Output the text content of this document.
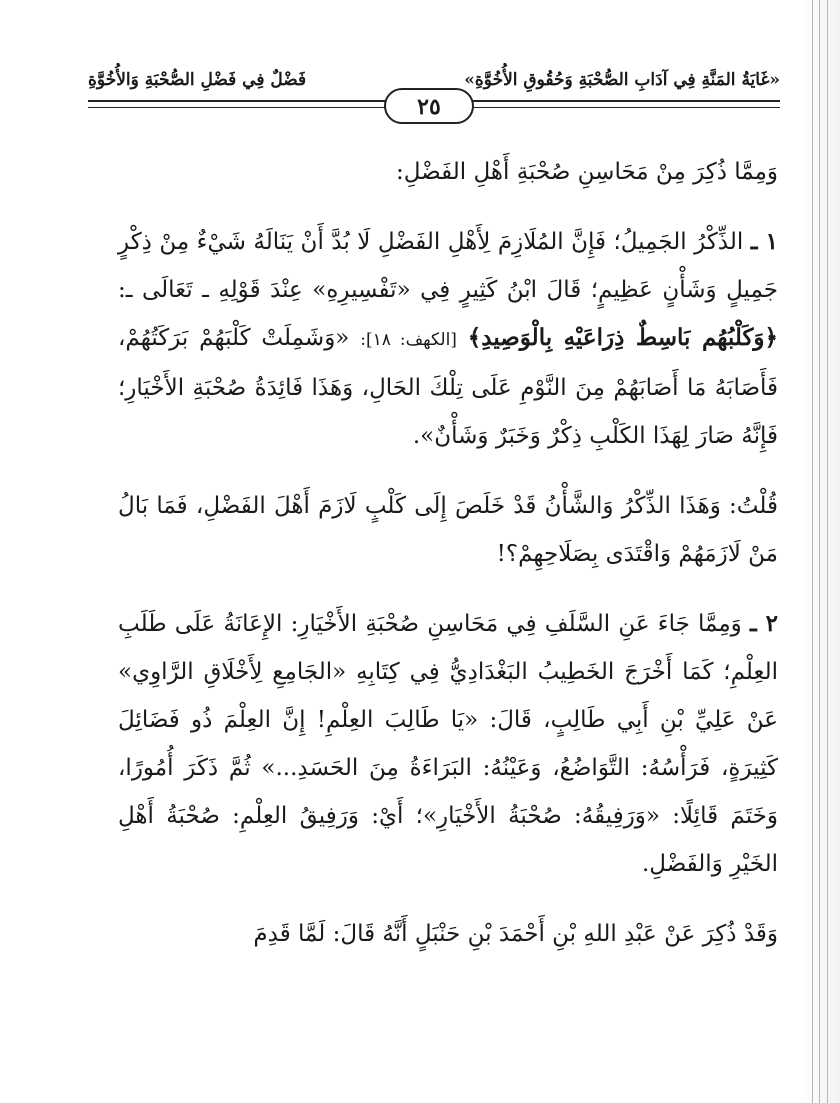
«غَايَةُ المَنَّةِ فِي آدَابِ الصُّحْبَةِ وَحُقُوقِ الأُخُوَّةِ»
فَضْلٌ فِي فَضْلِ الصُّحْبَةِ وَالأُخُوَّةِ
٢٥

وَمِمَّا ذُكِرَ مِنْ مَحَاسِنِ صُحْبَةِ أَهْلِ الفَضْلِ:

١ ـ الذِّكْرُ الجَمِيلُ؛ فَإِنَّ المُلَازِمَ لِأَهْلِ الفَضْلِ لَا بُدَّ أَنْ يَنَالَهُ شَيْءٌ مِنْ ذِكْرٍ جَمِيلٍ وَشَأْنٍ عَظِيمٍ؛ قَالَ ابْنُ كَثِيرٍ فِي «تَفْسِيرِهِ» عِنْدَ قَوْلِهِ ـ تَعَالَى ـ: ﴿وَكَلْبُهُم بَاسِطٌ ذِرَاعَيْهِ بِالْوَصِيدِ﴾ [الكهف: ١٨]: «وَشَمِلَتْ كَلْبَهُمْ بَرَكَتُهُمْ، فَأَصَابَهُ مَا أَصَابَهُمْ مِنَ النَّوْمِ عَلَى تِلْكَ الحَالِ، وَهَذَا فَائِدَةُ صُحْبَةِ الأَخْيَارِ؛ فَإِنَّهُ صَارَ لِهَذَا الكَلْبِ ذِكْرٌ وَخَبَرٌ وَشَأْنٌ».

قُلْتُ: وَهَذَا الذِّكْرُ وَالشَّأْنُ قَدْ خَلَصَ إِلَى كَلْبٍ لَازَمَ أَهْلَ الفَضْلِ، فَمَا بَالُ مَنْ لَازَمَهُمْ وَاقْتَدَى بِصَلَاحِهِمْ؟!

٢ ـ وَمِمَّا جَاءَ عَنِ السَّلَفِ فِي مَحَاسِنِ صُحْبَةِ الأَخْيَارِ: الإِعَانَةُ عَلَى طَلَبِ العِلْمِ؛ كَمَا أَخْرَجَ الخَطِيبُ البَغْدَادِيُّ فِي كِتَابِهِ «الجَامِعِ لِأَخْلَاقِ الرَّاوِي» عَنْ عَلِيِّ بْنِ أَبِي طَالِبٍ، قَالَ: «يَا طَالِبَ العِلْمِ! إِنَّ العِلْمَ ذُو فَضَائِلَ كَثِيرَةٍ، فَرَأْسُهُ: التَّوَاضُعُ، وَعَيْنُهُ: البَرَاءَةُ مِنَ الحَسَدِ...» ثُمَّ ذَكَرَ أُمُورًا، وَخَتَمَ قَائِلًا: «وَرَفِيقُهُ: صُحْبَةُ الأَخْيَارِ»؛ أَيْ: وَرَفِيقُ العِلْمِ: صُحْبَةُ أَهْلِ الخَيْرِ وَالفَضْلِ.

وَقَدْ ذُكِرَ عَنْ عَبْدِ اللهِ بْنِ أَحْمَدَ بْنِ حَنْبَلٍ أَنَّهُ قَالَ: لَمَّا قَدِمَ
